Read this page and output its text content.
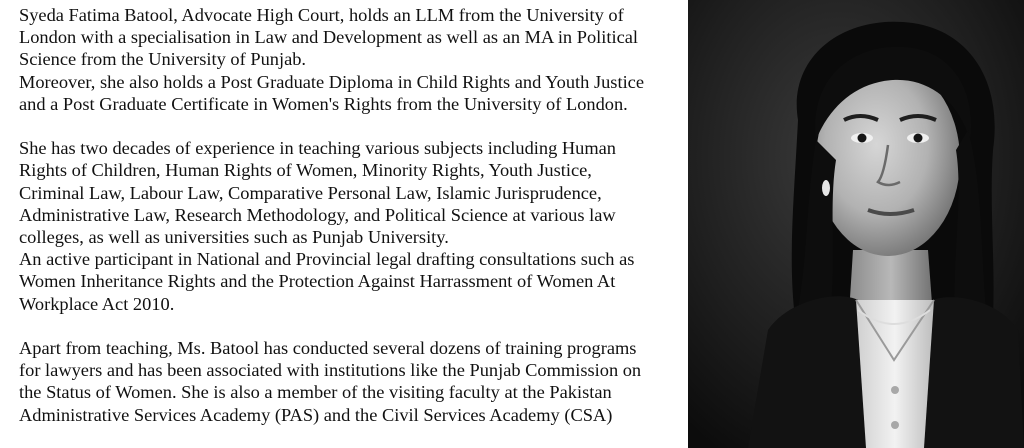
Syeda Fatima Batool, Advocate High Court, holds an LLM from the University of
London with a specialisation in Law and Development as well as an MA in Political
Science from the University of Punjab.
Moreover, she also holds a Post Graduate Diploma in Child Rights and Youth Justice
and a Post Graduate Certificate in Women's Rights from the University of London.

She has two decades of experience in teaching various subjects including Human
Rights of Children, Human Rights of Women, Minority Rights, Youth Justice,
Criminal Law, Labour Law, Comparative Personal Law, Islamic Jurisprudence,
Administrative Law, Research Methodology, and Political Science at various law
colleges, as well as universities such as Punjab University.
An active participant in National and Provincial legal drafting consultations such as
Women Inheritance Rights and the Protection Against Harrassment of Women At
Workplace Act 2010.

Apart from teaching, Ms. Batool has conducted several dozens of training programs
for lawyers and has been associated with institutions like the Punjab Commission on
the Status of Women. She is also a member of the visiting faculty at the Pakistan
Administrative Services Academy (PAS) and the Civil Services Academy (CSA)
